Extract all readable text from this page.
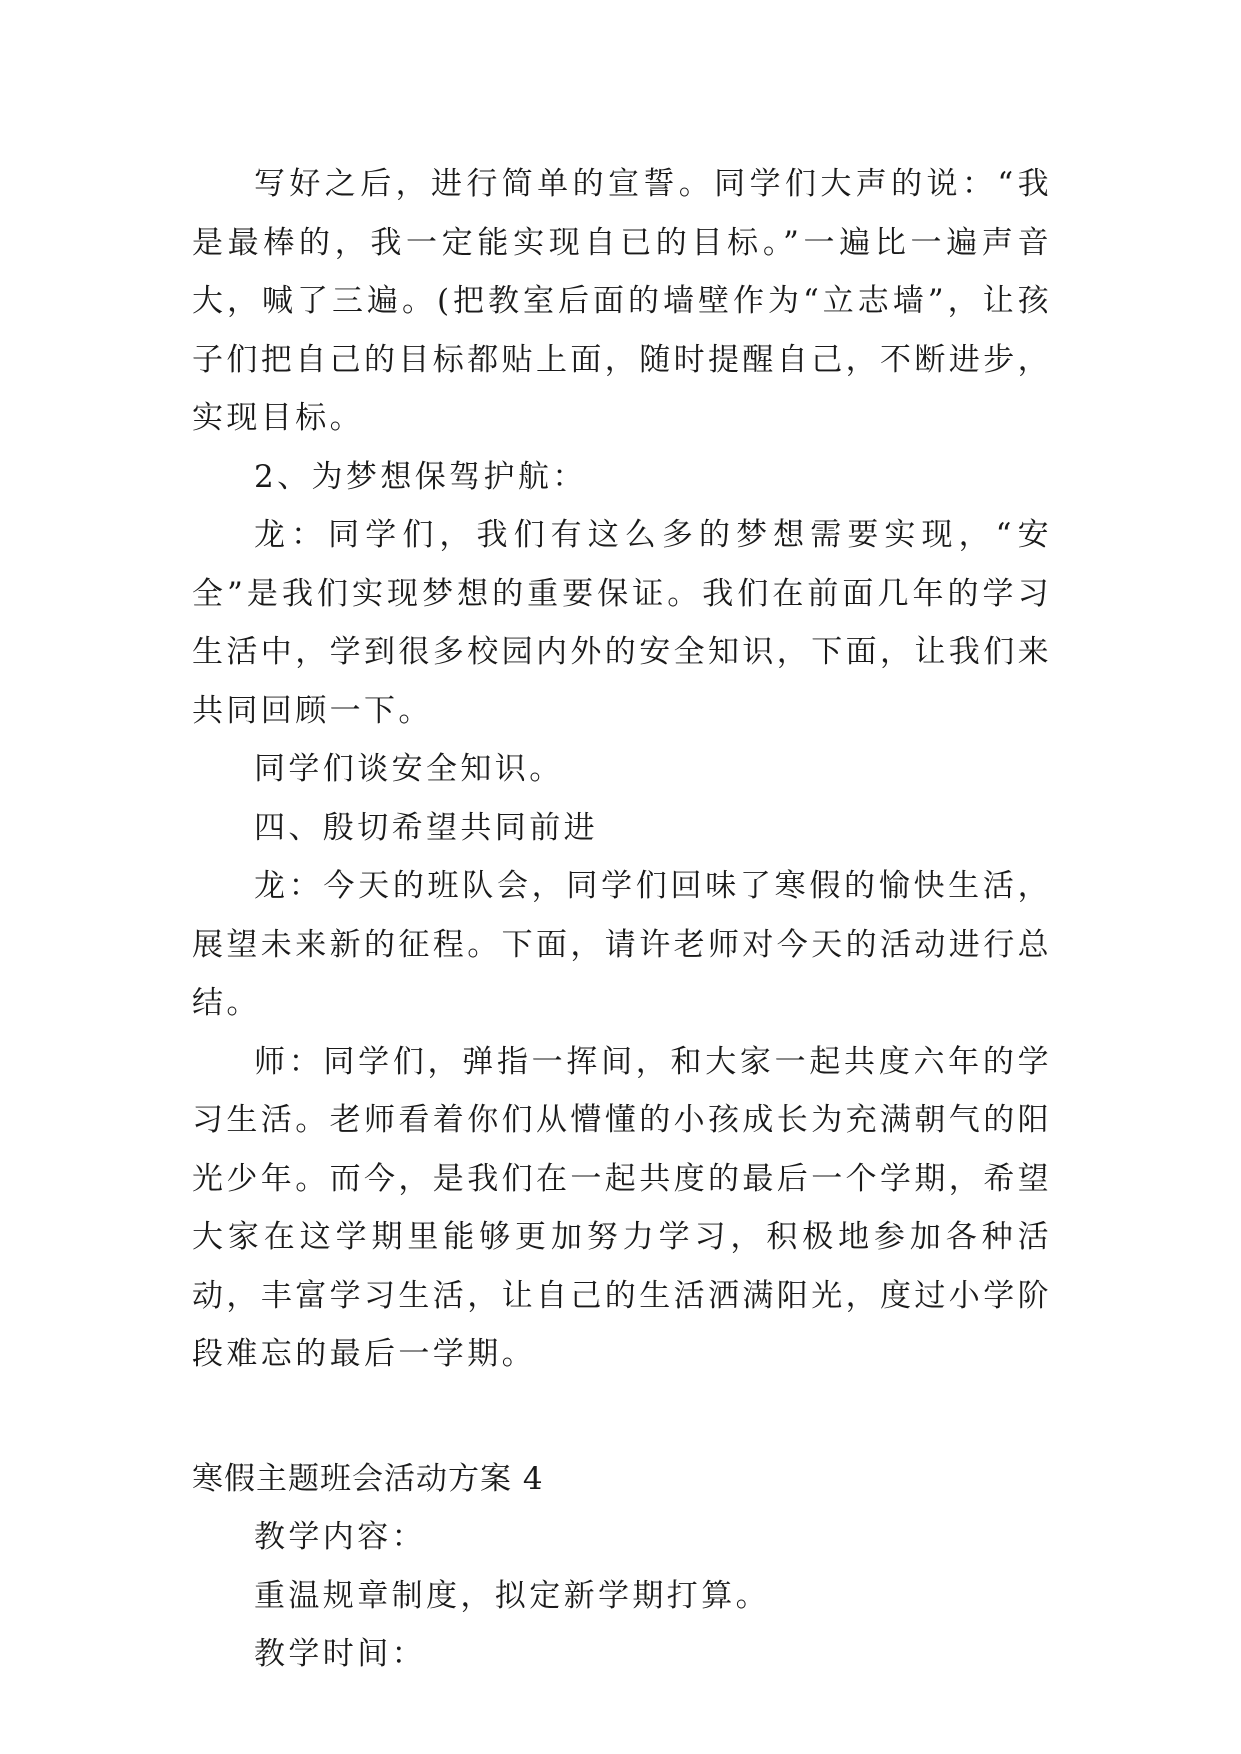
写好之后，进行简单的宣誓。同学们大声的说：“我是最棒的，我一定能实现自已的目标。”一遍比一遍声音大，喊了三遍。(把教室后面的墙壁作为“立志墙”，让孩子们把自己的目标都贴上面，随时提醒自己，不断进步，实现目标。

2、为梦想保驾护航：

龙：同学们，我们有这么多的梦想需要实现，“安全”是我们实现梦想的重要保证。我们在前面几年的学习生活中，学到很多校园内外的安全知识，下面，让我们来共同回顾一下。

同学们谈安全知识。

四、殷切希望共同前进

龙：今天的班队会，同学们回味了寒假的愉快生活，展望未来新的征程。下面，请许老师对今天的活动进行总结。

师：同学们，弹指一挥间，和大家一起共度六年的学习生活。老师看着你们从懵懂的小孩成长为充满朝气的阳光少年。而今，是我们在一起共度的最后一个学期，希望大家在这学期里能够更加努力学习，积极地参加各种活动，丰富学习生活，让自己的生活洒满阳光，度过小学阶段难忘的最后一学期。

寒假主题班会活动方案 4

教学内容：

重温规章制度，拟定新学期打算。

教学时间：
